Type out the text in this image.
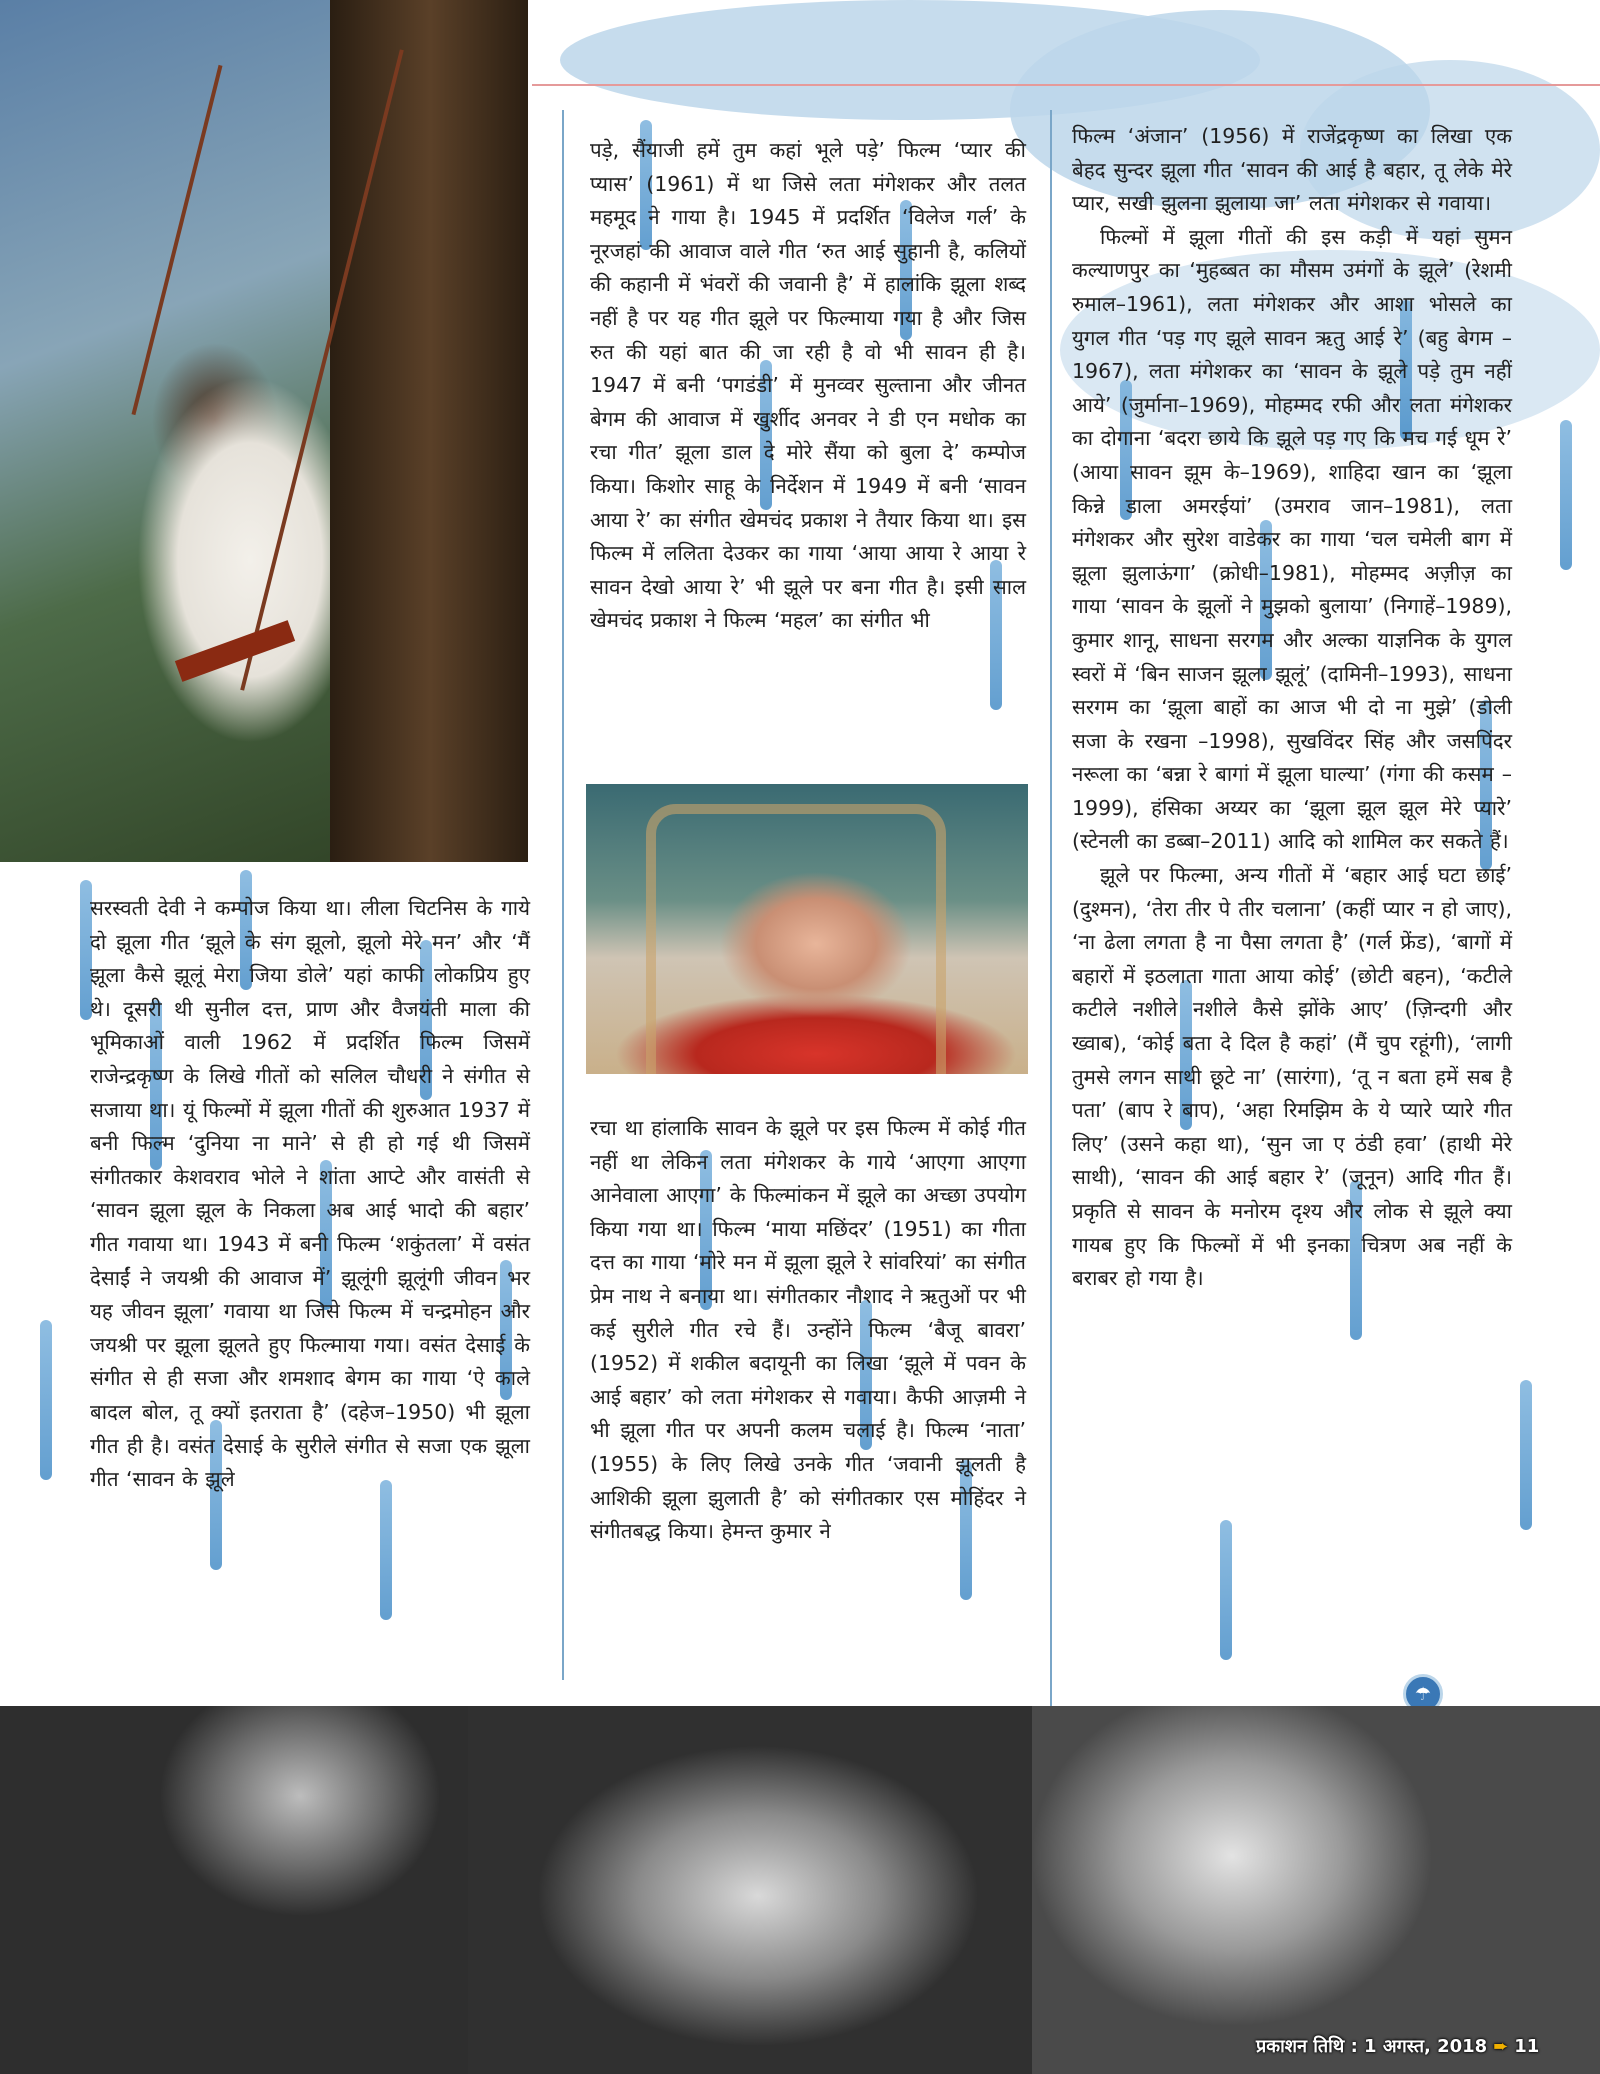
पड़े, सैंयाजी हमें तुम कहां भूले पड़े’ फिल्म ‘प्यार की प्यास’ (1961) में था जिसे लता मंगेशकर और तलत महमूद ने गाया है। 1945 में प्रदर्शित ‘विलेज गर्ल’ के नूरजहां की आवाज वाले गीत ‘रुत आई सुहानी है, कलियों की कहानी में भंवरों की जवानी है’ में हालांकि झूला शब्द नहीं है पर यह गीत झूले पर फिल्माया गया है और जिस रुत की यहां बात की जा रही है वो भी सावन ही है। 1947 में बनी ‘पगडंडी’ में मुनव्वर सुल्ताना और जीनत बेगम की आवाज में खुर्शीद अनवर ने डी एन मधोक का रचा गीत’ झूला डाल दे मोरे सैंया को बुला दे’ कम्पोज किया। किशोर साहू के निर्देशन में 1949 में बनी ‘सावन आया रे’ का संगीत खेमचंद प्रकाश ने तैयार किया था। इस फिल्म में ललिता देउकर का गाया ‘आया आया रे आया रे सावन देखो आया रे’ भी झूले पर बना गीत है। इसी साल खेमचंद प्रकाश ने फिल्म ‘महल’ का संगीत भी

रचा था हांलाकि सावन के झूले पर इस फिल्म में कोई गीत नहीं था लेकिन लता मंगेशकर के गाये ‘आएगा आएगा आनेवाला आएगा’ के फिल्मांकन में झूले का अच्छा उपयोग किया गया था। फिल्म ‘माया मछिंदर’ (1951) का गीता दत्त का गाया ‘मोरे मन में झूला झूले रे सांवरियां’ का संगीत प्रेम नाथ ने बनाया था। संगीतकार नौशाद ने ऋतुओं पर भी कई सुरीले गीत रचे हैं। उन्होंने फिल्म ‘बैजू बावरा’ (1952) में शकील बदायूनी का लिखा ‘झूले में पवन के आई बहार’ को लता मंगेशकर से गवाया। कैफी आज़मी ने भी झूला गीत पर अपनी कलम चलाई है। फिल्म ‘नाता’ (1955) के लिए लिखे उनके गीत ‘जवानी झूलती है आशिकी झूला झुलाती है’ को संगीतकार एस मोहिंदर ने संगीतबद्ध किया। हेमन्त कुमार ने

फिल्म ‘अंजान’ (1956) में राजेंद्रकृष्ण का लिखा एक बेहद सुन्दर झूला गीत ‘सावन की आई है बहार, तू लेके मेरे प्यार, सखी झुलना झुलाया जा’ लता मंगेशकर से गवाया।

फिल्मों में झूला गीतों की इस कड़ी में यहां सुमन कल्याणपुर का ‘मुहब्बत का मौसम उमंगों के झूले’ (रेशमी रुमाल–1961), लता मंगेशकर और आशा भोसले का युगल गीत ‘पड़ गए झूले सावन ऋतु आई रे’ (बहु बेगम –1967), लता मंगेशकर का ‘सावन के झूले पड़े तुम नहीं आये’ (जुर्माना–1969), मोहम्मद रफी और लता मंगेशकर का दोगाना ‘बदरा छाये कि झूले पड़ गए कि मच गई धूम रे’ (आया सावन झूम के–1969), शाहिदा खान का ‘झूला किन्ने डाला अमरईयां’ (उमराव जान–1981), लता मंगेशकर और सुरेश वाडेकर का गाया ‘चल चमेली बाग में झूला झुलाऊंगा’ (क्रोधी–1981), मोहम्मद अज़ीज़ का गाया ‘सावन के झूलों ने मुझको बुलाया’ (निगाहें–1989), कुमार शानू, साधना सरगम और अल्का याज्ञनिक के युगल स्वरों में ‘बिन साजन झूला झूलूं’ (दामिनी–1993), साधना सरगम का ‘झूला बाहों का आज भी दो ना मुझे’ (डोली सजा के रखना –1998), सुखविंदर सिंह और जसपिंदर नरूला का ‘बन्ना रे बागां में झूला घाल्या’ (गंगा की कसम – 1999), हंसिका अय्यर का ‘झूला झूल झूल मेरे प्यारे’ (स्टेनली का डब्बा–2011) आदि को शामिल कर सकते हैं।

झूले पर फिल्मा, अन्य गीतों में ‘बहार आई घटा छाई’ (दुश्मन), ‘तेरा तीर पे तीर चलाना’ (कहीं प्यार न हो जाए), ‘ना ढेला लगता है ना पैसा लगता है’ (गर्ल फ्रेंड), ‘बागों में बहारों में इठलाता गाता आया कोई’ (छोटी बहन), ‘कटीले कटीले नशीले नशीले कैसे झोंके आए’ (ज़िन्दगी और ख्वाब), ‘कोई बता दे दिल है कहां’ (मैं चुप रहूंगी), ‘लागी तुमसे लगन साथी छूटे ना’ (सारंगा), ‘तू न बता हमें सब है पता’ (बाप रे बाप), ‘अहा रिमझिम के ये प्यारे प्यारे गीत लिए’ (उसने कहा था), ‘सुन जा ए ठंडी हवा’ (हाथी मेरे साथी), ‘सावन की आई बहार रे’ (जूनून) आदि गीत हैं। प्रकृति से सावन के मनोरम दृश्य और लोक से झूले क्या गायब हुए कि फिल्मों में भी इनका चित्रण अब नहीं के बराबर हो गया है।

सरस्वती देवी ने कम्पोज किया था। लीला चिटनिस के गाये दो झूला गीत ‘झूले के संग झूलो, झूलो मेरे मन’ और ‘मैं झूला कैसे झूलूं मेरा जिया डोले’ यहां काफी लोकप्रिय हुए थे। दूसरी थी सुनील दत्त, प्राण और वैजयंती माला की भूमिकाओं वाली 1962 में प्रदर्शित फिल्म जिसमें राजेन्द्रकृष्ण के लिखे गीतों को सलिल चौधरी ने संगीत से सजाया था। यूं फिल्मों में झूला गीतों की शुरुआत 1937 में बनी फिल्म ‘दुनिया ना माने’ से ही हो गई थी जिसमें संगीतकार केशवराव भोले ने शांता आप्टे और वासंती से ‘सावन झूला झूल के निकला अब आई भादो की बहार’ गीत गवाया था। 1943 में बनी फिल्म ‘शकुंतला’ में वसंत देसाईं ने जयश्री की आवाज में’ झूलूंगी झूलूंगी जीवन भर यह जीवन झूला’ गवाया था जिसे फिल्म में चन्द्रमोहन और जयश्री पर झूला झूलते हुए फिल्माया गया। वसंत देसाई के संगीत से ही सजा और शमशाद बेगम का गाया ‘ऐ काले बादल बोल, तू क्यों इतराता है’ (दहेज–1950) भी झूला गीत ही है। वसंत देसाई के सुरीले संगीत से सजा एक झूला गीत ‘सावन के झूले

☂
प्रकाशन तिथि : 1 अगस्त, 2018 ➨ 11
